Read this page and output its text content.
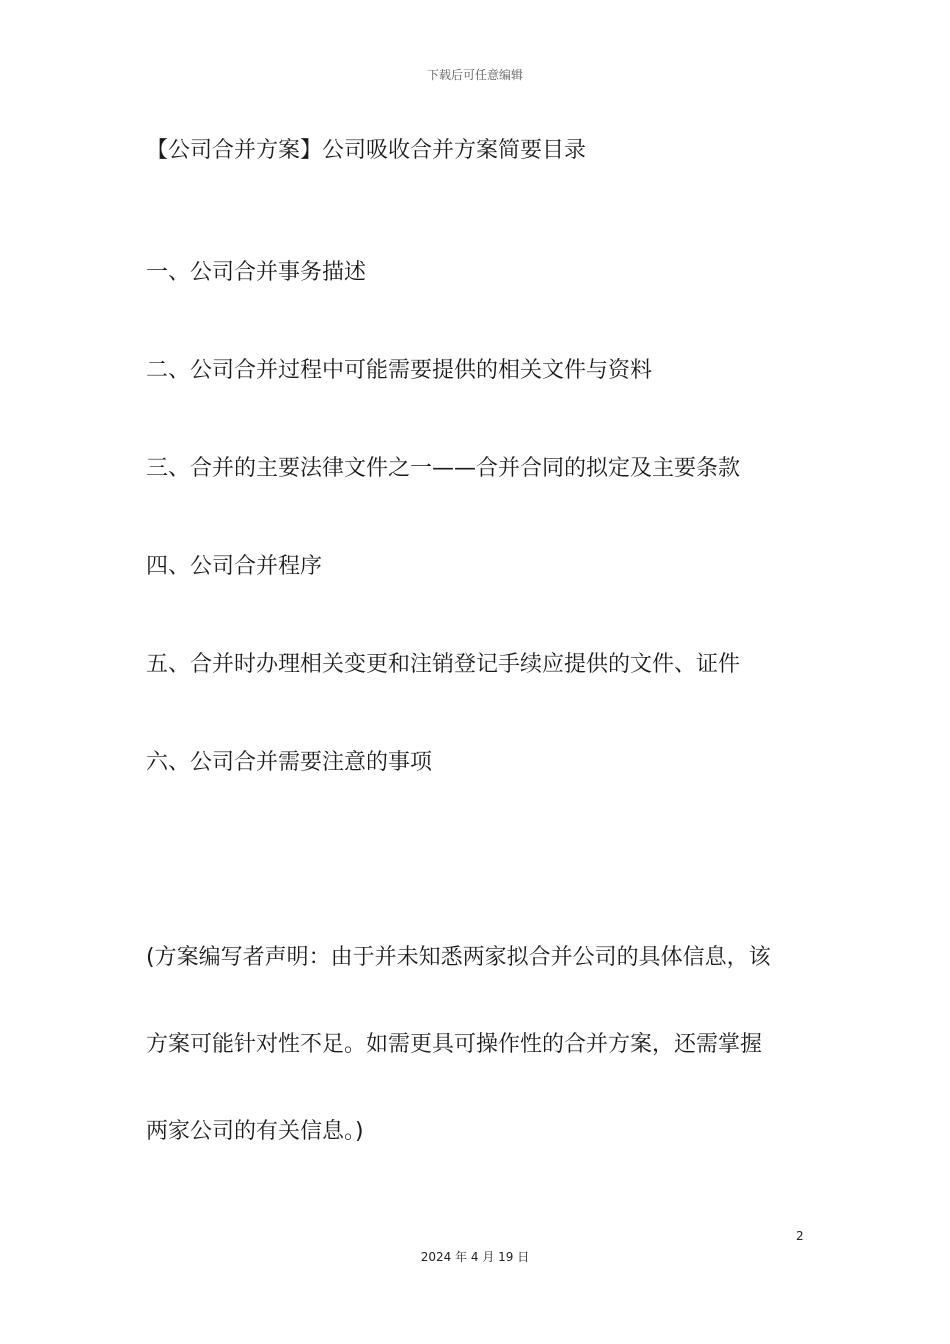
下载后可任意编辑
【公司合并方案】公司吸收合并方案简要目录
一、公司合并事务描述
二、公司合并过程中可能需要提供的相关文件与资料
三、合并的主要法律文件之一——合并合同的拟定及主要条款
四、公司合并程序
五、合并时办理相关变更和注销登记手续应提供的文件、证件
六、公司合并需要注意的事项
(方案编写者声明：由于并未知悉两家拟合并公司的具体信息，该
方案可能针对性不足。如需更具可操作性的合并方案，还需掌握
两家公司的有关信息。)
2
2024 年 4 月 19 日
